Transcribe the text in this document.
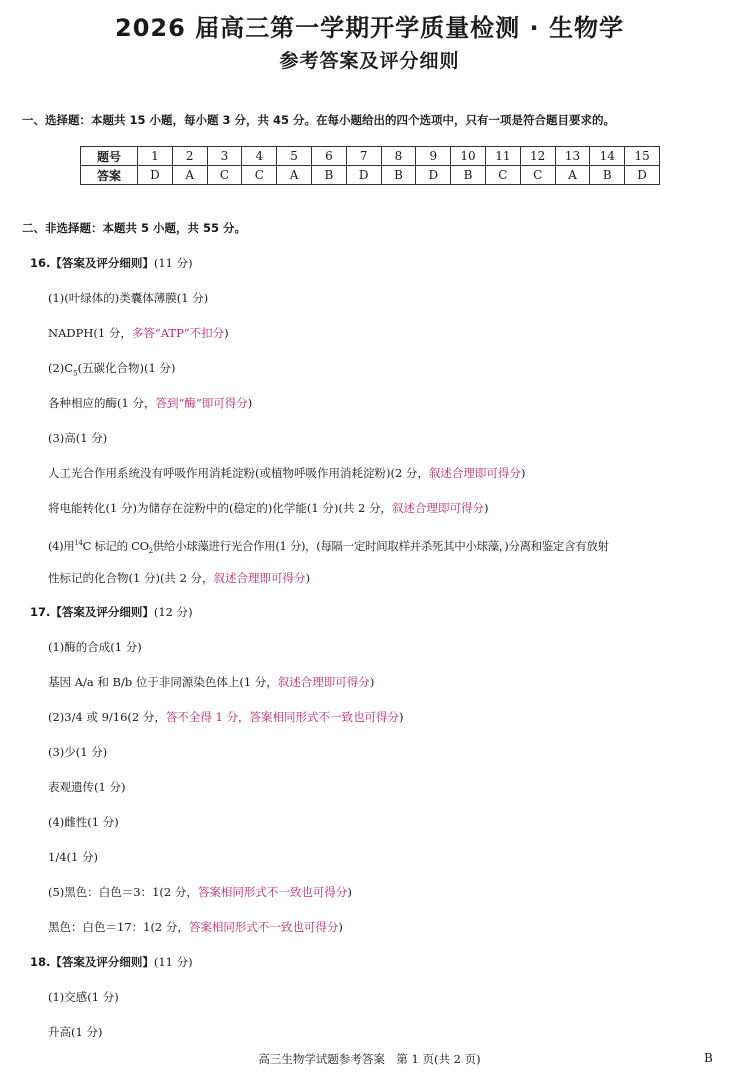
2026 届高三第一学期开学质量检测 · 生物学
参考答案及评分细则
一、选择题：本题共 15 小题，每小题 3 分，共 45 分。在每小题给出的四个选项中，只有一项是符合题目要求的。
题号	1	2	3	4	5	6	7	8	9	10	11	12	13	14	15
答案	D	A	C	C	A	B	D	B	D	B	C	C	A	B	D
二、非选择题：本题共 5 小题，共 55 分。
16.【答案及评分细则】(11 分)
(1)(叶绿体的)类囊体薄膜(1 分)
NADPH(1 分，多答“ATP”不扣分)
$(2)C_5$(五碳化合物)(1 分)
各种相应的酶(1 分，答到“酶”即可得分)
(3)高(1 分)
人工光合作用系统没有呼吸作用消耗淀粉(或植物呼吸作用消耗淀粉)(2 分，叙述合理即可得分)
将电能转化(1 分)为储存在淀粉中的(稳定的)化学能(1 分)(共 2 分，叙述合理即可得分)
(4)用$^{14}$C 标记的 $CO_2$供给小球藻进行光合作用(1 分)，(每隔一定时间取样并杀死其中小球藻，)分离和鉴定含有放射
性标记的化合物(1 分)(共 2 分，叙述合理即可得分)
17.【答案及评分细则】(12 分)
(1)酶的合成(1 分)
基因 A/a 和 B/b 位于非同源染色体上(1 分，叙述合理即可得分)
(2)3/4 或 9/16(2 分，答不全得 1 分，答案相同形式不一致也可得分)
(3)少(1 分)
表观遗传(1 分)
(4)雌性(1 分)
1/4(1 分)
(5)黑色：白色＝3：1(2 分，答案相同形式不一致也可得分)
黑色：白色＝17：1(2 分，答案相同形式不一致也可得分)
18.【答案及评分细则】(11 分)
(1)交感(1 分)
升高(1 分)
高三生物学试题参考答案　第 1 页(共 2 页)	B
